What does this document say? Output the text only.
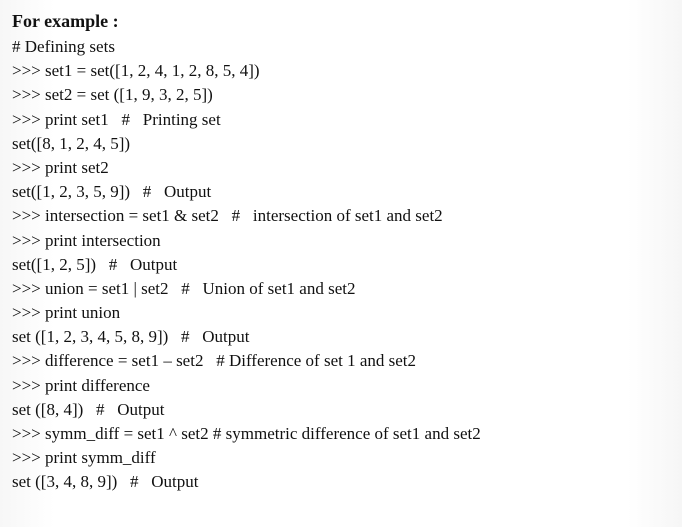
For example :
# Defining sets
>>> set1 = set([1, 2, 4, 1, 2, 8, 5, 4])
>>> set2 = set ([1, 9, 3, 2, 5])
>>> print set1   #   Printing set
set([8, 1, 2, 4, 5])
>>> print set2
set([1, 2, 3, 5, 9])   #   Output
>>> intersection = set1 & set2   #   intersection of set1 and set2
>>> print intersection
set([1, 2, 5])   #   Output
>>> union = set1 | set2   #   Union of set1 and set2
>>> print union
set ([1, 2, 3, 4, 5, 8, 9])   #   Output
>>> difference = set1 – set2   # Difference of set 1 and set2
>>> print difference
set ([8, 4])   #   Output
>>> symm_diff = set1 ^ set2 # symmetric difference of set1 and set2
>>> print symm_diff
set ([3, 4, 8, 9])   #   Output
